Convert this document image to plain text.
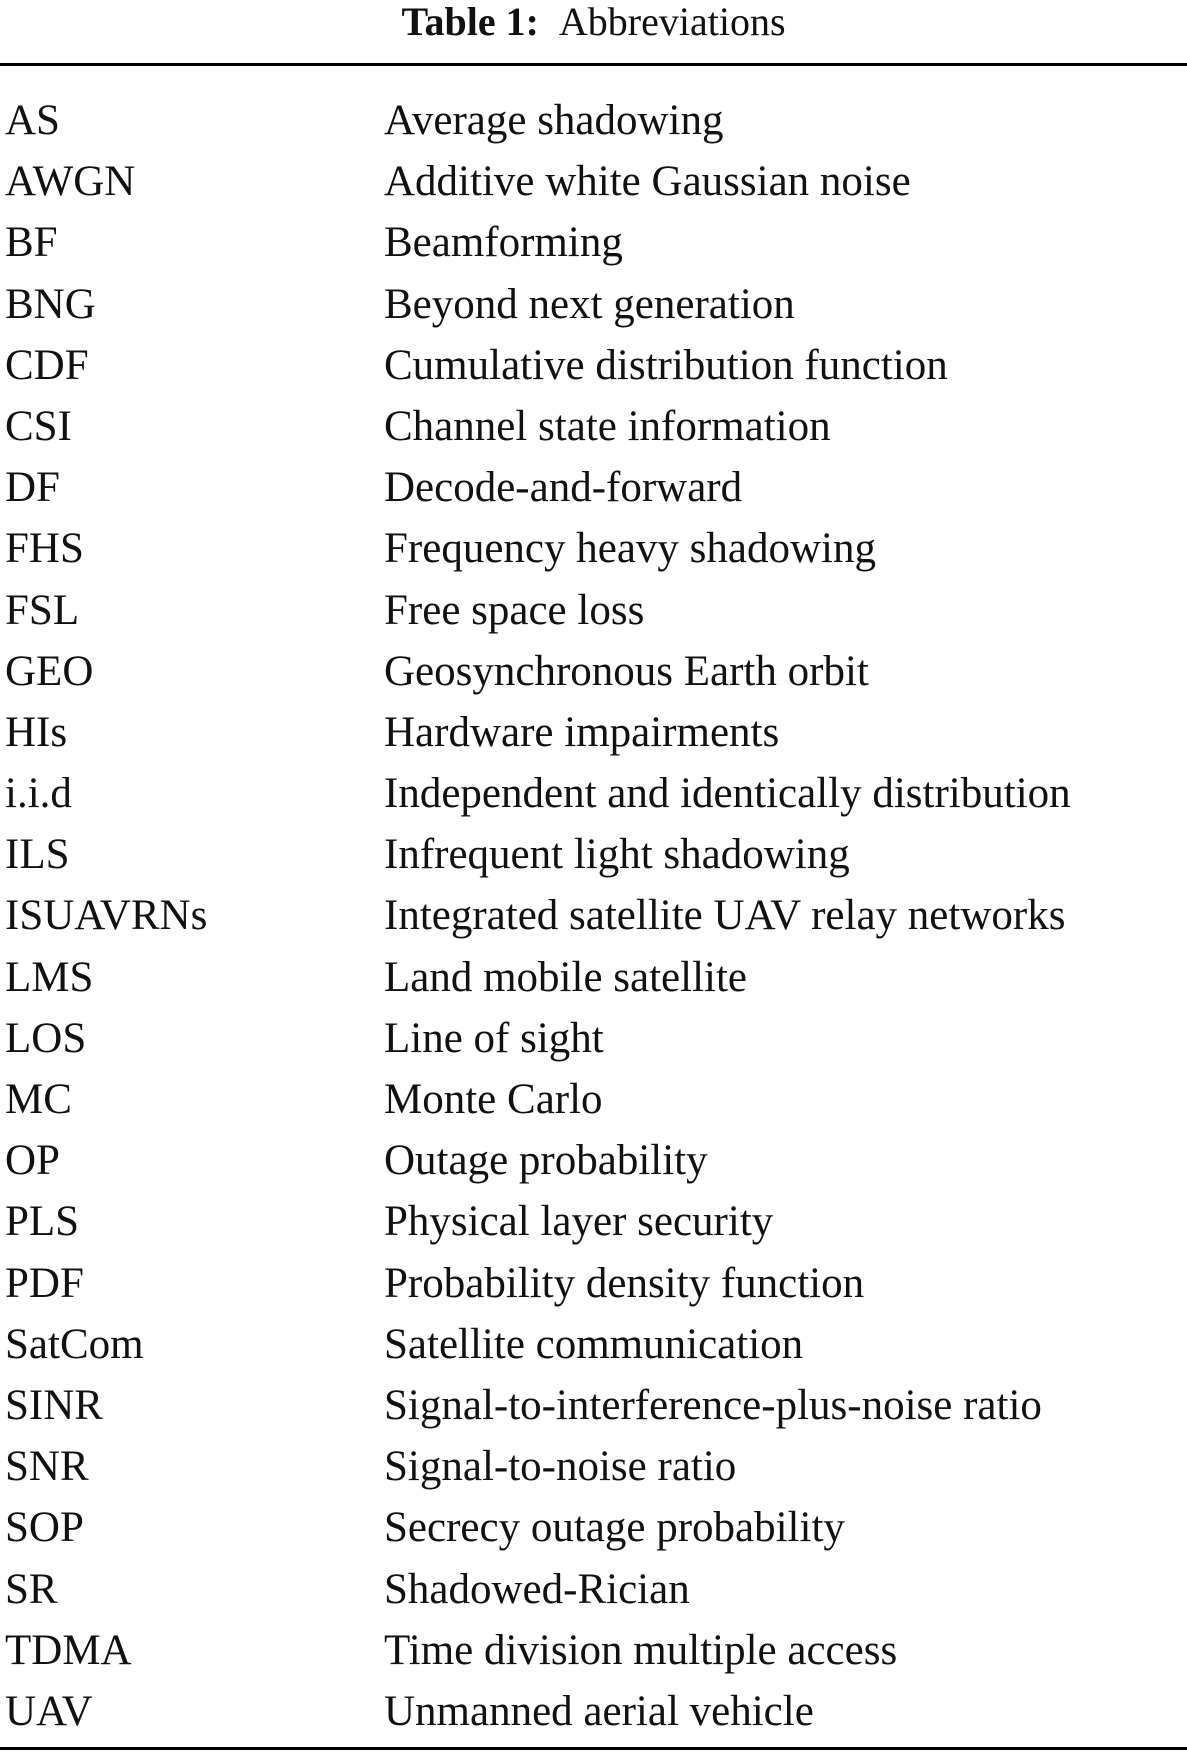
Table 1: Abbreviations
AS	Average shadowing
AWGN	Additive white Gaussian noise
BF	Beamforming
BNG	Beyond next generation
CDF	Cumulative distribution function
CSI	Channel state information
DF	Decode-and-forward
FHS	Frequency heavy shadowing
FSL	Free space loss
GEO	Geosynchronous Earth orbit
HIs	Hardware impairments
i.i.d	Independent and identically distribution
ILS	Infrequent light shadowing
ISUAVRNs	Integrated satellite UAV relay networks
LMS	Land mobile satellite
LOS	Line of sight
MC	Monte Carlo
OP	Outage probability
PLS	Physical layer security
PDF	Probability density function
SatCom	Satellite communication
SINR	Signal-to-interference-plus-noise ratio
SNR	Signal-to-noise ratio
SOP	Secrecy outage probability
SR	Shadowed-Rician
TDMA	Time division multiple access
UAV	Unmanned aerial vehicle
